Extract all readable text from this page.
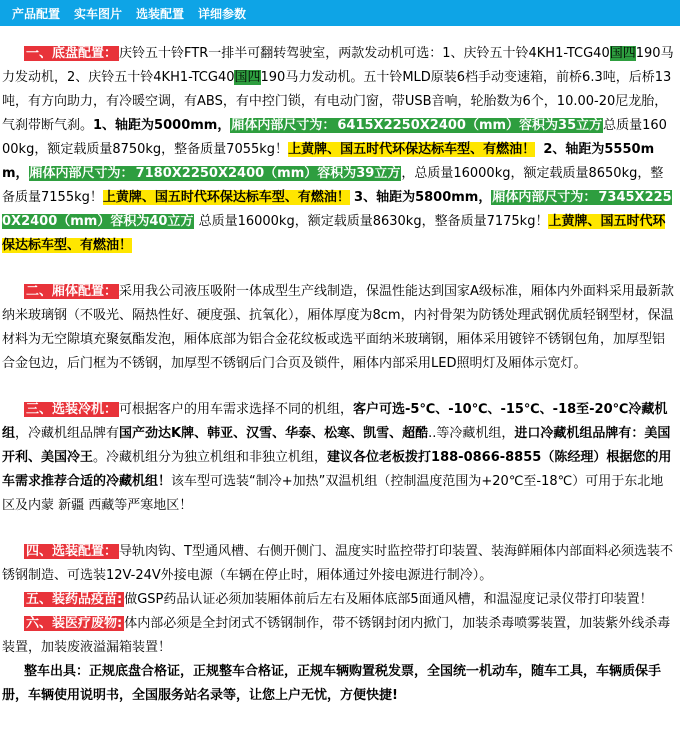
产品配置 实车图片 选装配置 详细参数

一、底盘配置： 庆铃五十铃FTR一排半可翻转驾驶室，两款发动机可选：1、庆铃五十铃4KH1-TCG40国四190马力发动机，2、庆铃五十铃4KH1-TCG40国四190马力发动机。五十铃MLD原装6档手动变速箱，前桥6.3吨，后桥13吨，有方向助力，有冷暖空调，有ABS，有中控门锁，有电动门窗，带USB音响，轮胎数为6个，10.00-20尼龙胎，气刹带断气刹。1、轴距为5000mm，厢体内部尺寸为： 6415X2250X2400（mm）容积为35立方总质量16000kg，额定载质量8750kg，整备质量7055kg！上黄牌、国五时代环保达标车型、有燃油！ 2、轴距为5550mm，厢体内部尺寸为： 7180X2250X2400（mm）容积为39立方，总质量16000kg，额定载质量8650kg，整备质量7155kg！上黄牌、国五时代环保达标车型、有燃油！ 3、轴距为5800mm，厢体内部尺寸为： 7345X2250X2400（mm）容积为40立方 总质量16000kg，额定载质量8630kg，整备质量7175kg！上黄牌、国五时代环保达标车型、有燃油！

二、厢体配置： 采用我公司液压吸附一体成型生产线制造，保温性能达到国家A级标准，厢体内外面料采用最新款纳米玻璃钢（不吸光、隔热性好、硬度强、抗氧化），厢体厚度为8cm，内衬骨架为防锈处理武钢优质轻钢型材，保温材料为无空隙填充聚氨酯发泡，厢体底部为铝合金花纹板或选平面纳米玻璃钢，厢体采用镀锌不锈钢包角，加厚型铝合金包边，后门框为不锈钢，加厚型不锈钢后门合页及锁件，厢体内部采用LED照明灯及厢体示宽灯。

三、选装冷机： 可根据客户的用车需求选择不同的机组，客户可选-5℃、-10℃、-15℃、-18至-20℃冷藏机组，冷藏机组品牌有国产劲达K牌、韩亚、汉雪、华泰、松寒、凯雪、超酷..等冷藏机组，进口冷藏机组品牌有：美国开利、美国冷王。冷藏机组分为独立机组和非独立机组，建议各位老板拨打188-0866-8855（陈经理）根据您的用车需求推荐合适的冷藏机组！该车型可选装“制冷+加热”双温机组（控制温度范围为+20℃至-18℃）可用于东北地区及内蒙 新疆 西藏等严寒地区！

四、选装配置： 导轨肉钩、T型通风槽、右侧开侧门、温度实时监控带打印装置、装海鲜厢体内部面料必须选装不锈钢制造、可选装12V-24V外接电源（车辆在停止时，厢体通过外接电源进行制冷）。

五、装药品疫苗: 做GSP药品认证必须加装厢体前后左右及厢体底部5面通风槽，和温湿度记录仪带打印装置！

六、装医疗废物: 体内部必须是全封闭式不锈钢制作，带不锈钢封闭内掀门，加装杀毒喷雾装置，加装紫外线杀毒装置，加装废液溢漏箱装置！

整车出具：正规底盘合格证，正规整车合格证，正规车辆购置税发票，全国统一机动车，随车工具，车辆质保手册，车辆使用说明书，全国服务站名录等，让您上户无忧，方便快捷!
